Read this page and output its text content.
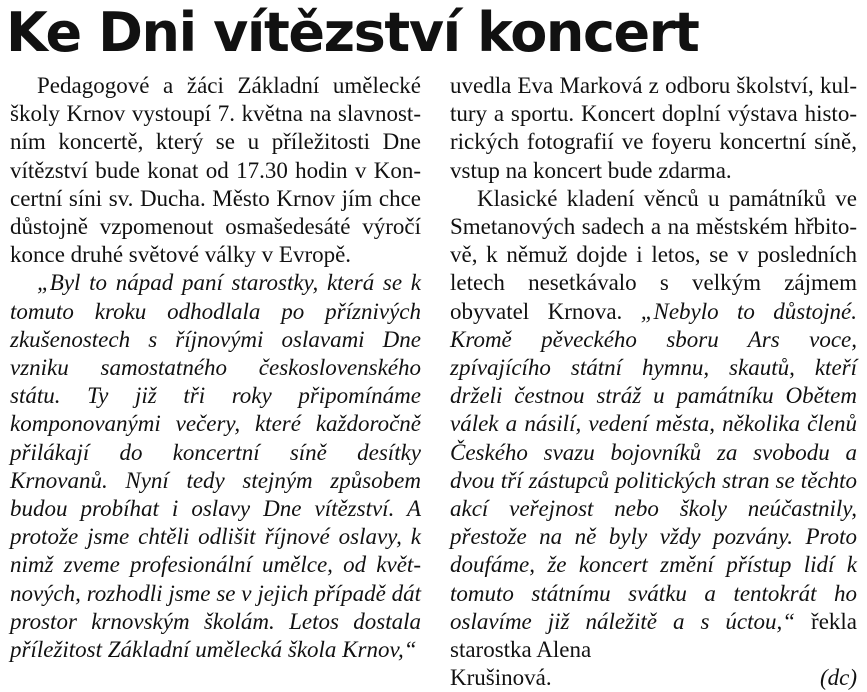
Ke Dni vítězství koncert

Pedagogové a žáci Základní umělecké školy Krnov vystoupí 7. května na slavnostním koncertě, který se u příležitosti Dne vítězství bude konat od 17.30 hodin v Koncertní síni sv. Ducha. Město Krnov jím chce důstojně vzpomenout osmašedesáté výročí konce druhé světové války v Evropě.

„Byl to nápad paní starostky, která se k tomuto kroku odhodlala po příznivých zkušenostech s říjnovými oslavami Dne vzniku samostatného československého státu. Ty již tři roky připomínáme komponovanými večery, které každoročně přilákají do koncertní síně desítky Krnovanů. Nyní tedy stejným způsobem budou probíhat i oslavy Dne vítězství. A protože jsme chtěli odlišit říjnové oslavy, k nimž zveme profesionální umělce, od květnových, rozhodli jsme se v jejich případě dát prostor krnovským školám. Letos dostala příležitost Základní umělecká škola Krnov,“

uvedla Eva Marková z odboru školství, kultury a sportu. Koncert doplní výstava historických fotografií ve foyeru koncertní síně, vstup na koncert bude zdarma.

Klasické kladení věnců u památníků ve Smetanových sadech a na městském hřbitově, k němuž dojde i letos, se v posledních letech nesetkávalo s velkým zájmem obyvatel Krnova. „Nebylo to důstojné. Kromě pěveckého sboru Ars voce, zpívajícího státní hymnu, skautů, kteří drželi čestnou stráž u památníku Obětem válek a násilí, vedení města, několika členů Českého svazu bojovníků za svobodu a dvou tří zástupců politických stran se těchto akcí veřejnost nebo školy neúčastnily, přestože na ně byly vždy pozvány. Proto doufáme, že koncert změní přístup lidí k tomuto státnímu svátku a tentokrát ho oslavíme již náležitě a s úctou,“ řekla starostka Alena

Krušinová.	(dc)
